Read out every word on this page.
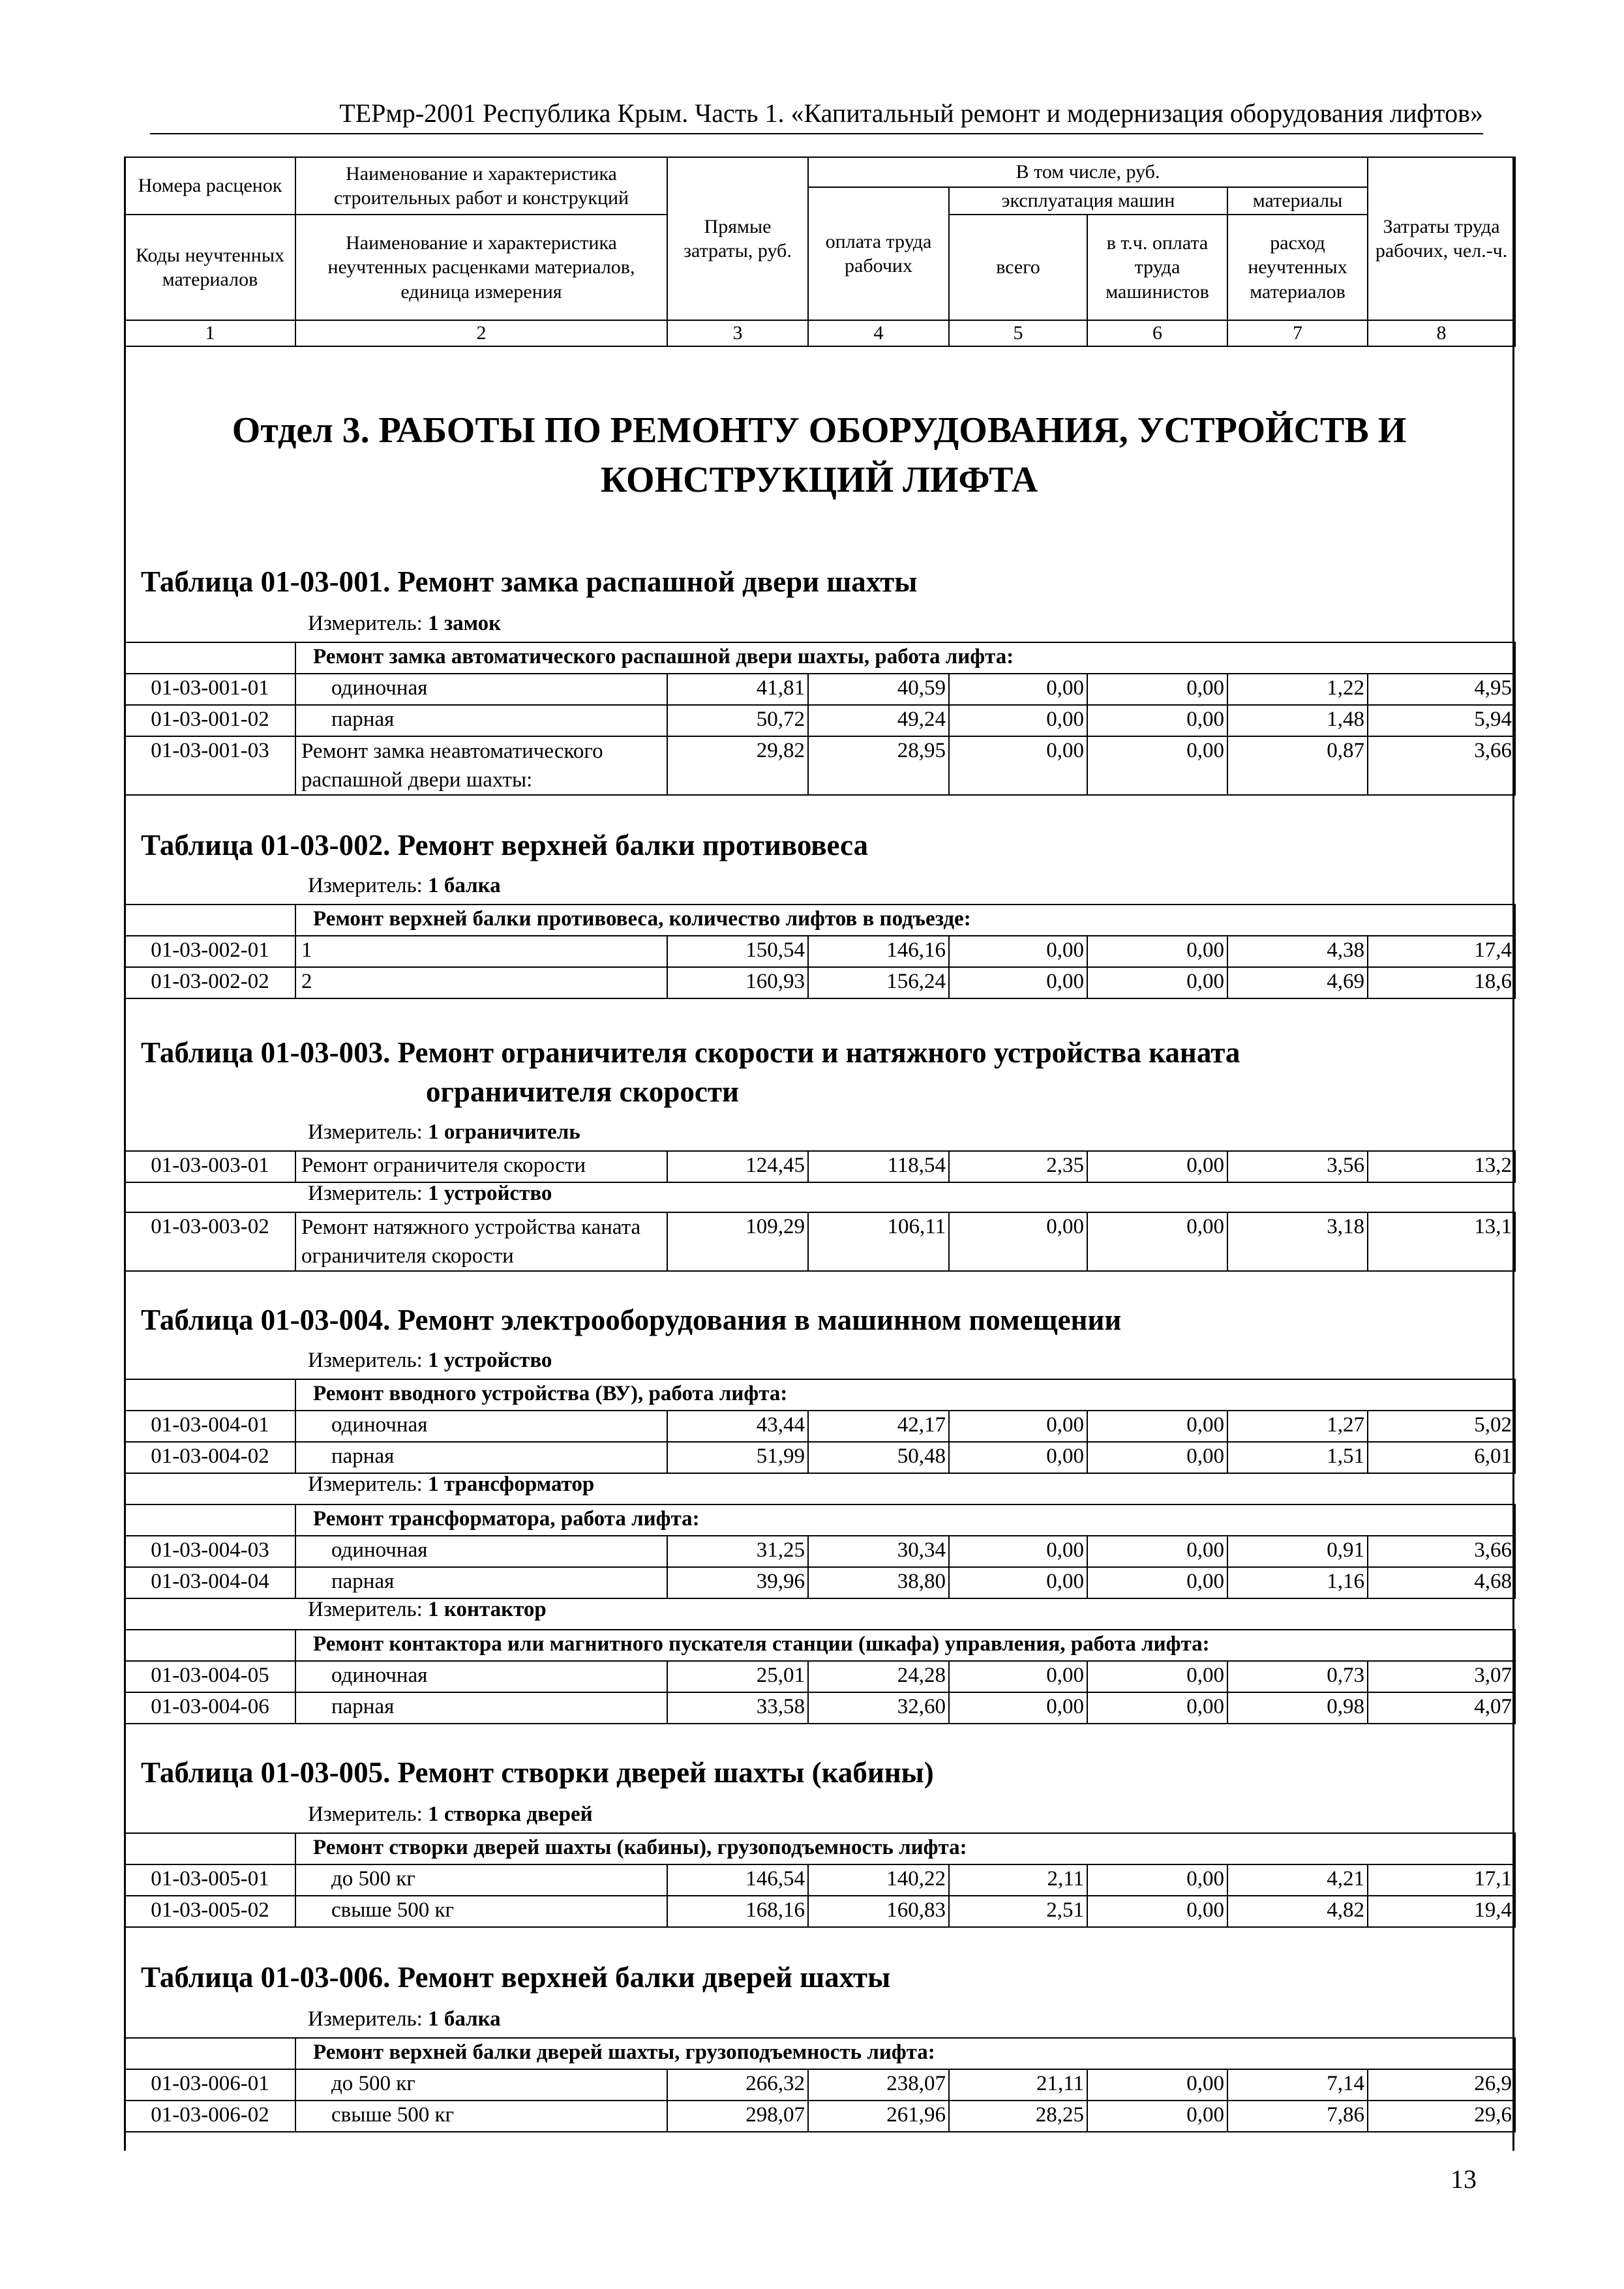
ТЕРмр-2001 Республика Крым. Часть 1. «Капитальный ремонт и модернизация оборудования лифтов»
Номера расценок	Наименование и характеристика строительных работ и конструкций	Прямые затраты, руб.	В том числе, руб.				Затраты труда рабочих, чел.-ч.
			оплата труда рабочих	эксплуатация машин		материалы	
Коды неучтенных материалов	Наименование и характеристика неучтенных расценками материалов, единица измерения			всего	в т.ч. оплата труда машинистов	расход неучтенных материалов	
1	2	3	4	5	6	7	8
Отдел 3. РАБОТЫ ПО РЕМОНТУ ОБОРУДОВАНИЯ, УСТРОЙСТВ И
КОНСТРУКЦИЙ ЛИФТА
Таблица 01-03-001. Ремонт замка распашной двери шахты
Измеритель: 1 замок
	Ремонт замка автоматического распашной двери шахты, работа лифта:						
01-03-001-01	одиночная	41,81	40,59	0,00	0,00	1,22	4,95
01-03-001-02	парная	50,72	49,24	0,00	0,00	1,48	5,94
01-03-001-03	Ремонт замка неавтоматического распашной двери шахты:	29,82	28,95	0,00	0,00	0,87	3,66
Таблица 01-03-002. Ремонт верхней балки противовеса
Измеритель: 1 балка
	Ремонт верхней балки противовеса, количество лифтов в подъезде:						
01-03-002-01	1	150,54	146,16	0,00	0,00	4,38	17,4
01-03-002-02	2	160,93	156,24	0,00	0,00	4,69	18,6
Таблица 01-03-003. Ремонт ограничителя скорости и натяжного устройства каната
ограничителя скорости
Измеритель: 1 ограничитель
01-03-003-01	Ремонт ограничителя скорости	124,45	118,54	2,35	0,00	3,56	13,2
Измеритель: 1 устройство
01-03-003-02	Ремонт натяжного устройства каната ограничителя скорости	109,29	106,11	0,00	0,00	3,18	13,1
Таблица 01-03-004. Ремонт электрооборудования в машинном помещении
Измеритель: 1 устройство
	Ремонт вводного устройства (ВУ), работа лифта:						
01-03-004-01	одиночная	43,44	42,17	0,00	0,00	1,27	5,02
01-03-004-02	парная	51,99	50,48	0,00	0,00	1,51	6,01
Измеритель: 1 трансформатор
	Ремонт трансформатора, работа лифта:						
01-03-004-03	одиночная	31,25	30,34	0,00	0,00	0,91	3,66
01-03-004-04	парная	39,96	38,80	0,00	0,00	1,16	4,68
Измеритель: 1 контактор
	Ремонт контактора или магнитного пускателя станции (шкафа) управления, работа лифта:						
01-03-004-05	одиночная	25,01	24,28	0,00	0,00	0,73	3,07
01-03-004-06	парная	33,58	32,60	0,00	0,00	0,98	4,07
Таблица 01-03-005. Ремонт створки дверей шахты (кабины)
Измеритель: 1 створка дверей
	Ремонт створки дверей шахты (кабины), грузоподъемность лифта:						
01-03-005-01	до 500 кг	146,54	140,22	2,11	0,00	4,21	17,1
01-03-005-02	свыше 500 кг	168,16	160,83	2,51	0,00	4,82	19,4
Таблица 01-03-006. Ремонт верхней балки дверей шахты
Измеритель: 1 балка
	Ремонт верхней балки дверей шахты, грузоподъемность лифта:						
01-03-006-01	до 500 кг	266,32	238,07	21,11	0,00	7,14	26,9
01-03-006-02	свыше 500 кг	298,07	261,96	28,25	0,00	7,86	29,6
13
